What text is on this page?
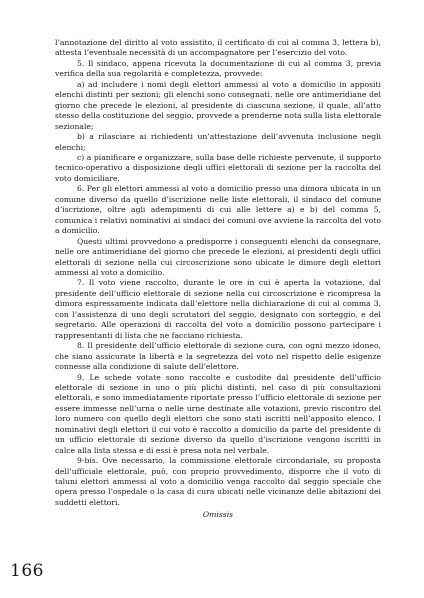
l’annotazione del diritto al voto assistito, il certificato di cui al comma 3, lettera b), attesta l’eventuale necessità di un accompagnatore per l’esercizio del voto.

5. Il sindaco, appena ricevuta la documentazione di cui al comma 3, previa verifica della sua regolarità e completezza, provvede:

a) ad includere i nomi degli elettori ammessi al voto a domicilio in appositi elenchi distinti per sezioni; gli elenchi sono consegnati, nelle ore antimeridiane del giorno che precede le elezioni, al presidente di ciascuna sezione, il quale, all’atto stesso della costituzione del seggio, provvede a prenderne nota sulla lista elettorale sezionale;

b) a rilasciare ai richiedenti un’attestazione dell’avvenuta inclusione negli elenchi;

c) a pianificare e organizzare, sulla base delle richieste pervenute, il supporto tecnico-operativo a disposizione degli uffici elettorali di sezione per la raccolta del voto domiciliare.

6. Per gli elettori ammessi al voto a domicilio presso una dimora ubicata in un comune diverso da quello d’iscrizione nelle liste elettorali, il sindaco del comune d’iscrizione, oltre agli adempimenti di cui alle lettere a) e b) del comma 5, comunica i relativi nominativi ai sindaci dei comuni ove avviene la raccolta del voto a domicilio.

Questi ultimi provvedono a predisporre i conseguenti elenchi da consegnare, nelle ore antimeridiane del giorno che precede le elezioni, ai presidenti degli uffici elettorali di sezione nella cui circoscrizione sono ubicate le dimore degli elettori ammessi al voto a domicilio.

7. Il voto viene raccolto, durante le ore in cui è aperta la votazione, dal presidente dell’ufficio elettorale di sezione nella cui circoscrizione è ricompresa la dimora espressamente indicata dall’elettore nella dichiarazione di cui al comma 3, con l’assistenza di uno degli scrutatori del seggio, designato con sorteggio, e del segretario. Alle operazioni di raccolta del voto a domicilio possono partecipare i rappresentanti di lista che ne facciano richiesta.

8. Il presidente dell’ufficio elettorale di sezione cura, con ogni mezzo idoneo, che siano assicurate la libertà e la segretezza del voto nel rispetto delle esigenze connesse alla condizione di salute dell’elettore.

9. Le schede votate sono raccolte e custodite dal presidente dell’ufficio elettorale di sezione in uno o più plichi distinti, nel caso di più consultazioni elettorali, e sono immediatamente riportate presso l’ufficio elettorale di sezione per essere immesse nell’urna o nelle urne destinate alle votazioni, previo riscontro del loro numero con quello degli elettori che sono stati iscritti nell’apposito elenco. I nominativi degli elettori il cui voto è raccolto a domicilio da parte del presidente di un ufficio elettorale di sezione diverso da quello d’iscrizione vengono iscritti in calce alla lista stessa e di essi è presa nota nel verbale.

9-bis. Ove necessario, la commissione elettorale circondariale, su proposta dell’ufficiale elettorale, può, con proprio provvedimento, disporre che il voto di taluni elettori ammessi al voto a domicilio venga raccolto dal seggio speciale che opera presso l’ospedale o la casa di cura ubicati nelle vicinanze delle abitazioni dei suddetti elettori.

Omissis

166
